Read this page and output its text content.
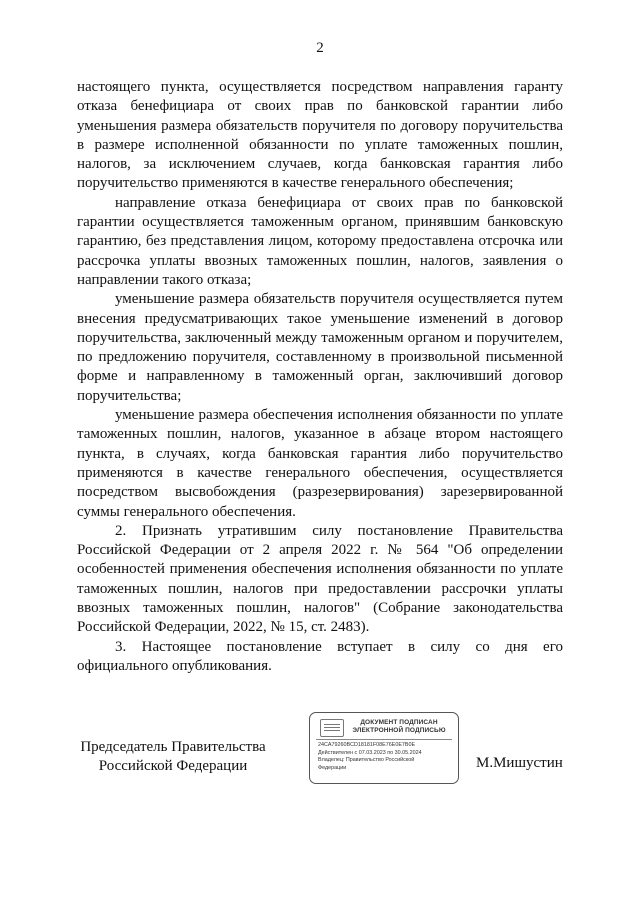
2

настоящего пункта, осуществляется посредством направления гаранту отказа бенефициара от своих прав по банковской гарантии либо уменьшения размера обязательств поручителя по договору поручительства в размере исполненной обязанности по уплате таможенных пошлин, налогов, за исключением случаев, когда банковская гарантия либо поручительство применяются в качестве генерального обеспечения;

направление отказа бенефициара от своих прав по банковской гарантии осуществляется таможенным органом, принявшим банковскую гарантию, без представления лицом, которому предоставлена отсрочка или рассрочка уплаты ввозных таможенных пошлин, налогов, заявления о направлении такого отказа;

уменьшение размера обязательств поручителя осуществляется путем внесения предусматривающих такое уменьшение изменений в договор поручительства, заключенный между таможенным органом и поручителем, по предложению поручителя, составленному в произвольной письменной форме и направленному в таможенный орган, заключивший договор поручительства;

уменьшение размера обеспечения исполнения обязанности по уплате таможенных пошлин, налогов, указанное в абзаце втором настоящего пункта, в случаях, когда банковская гарантия либо поручительство применяются в качестве генерального обеспечения, осуществляется посредством высвобождения (разрезервирования) зарезервированной суммы генерального обеспечения.

2. Признать утратившим силу постановление Правительства Российской Федерации от 2 апреля 2022 г. № 564 "Об определении особенностей применения обеспечения исполнения обязанности по уплате таможенных пошлин, налогов при предоставлении рассрочки уплаты ввозных таможенных пошлин, налогов" (Собрание законодательства Российской Федерации, 2022, № 15, ст. 2483).

3. Настоящее постановление вступает в силу со дня его официального опубликования.

Председатель Правительства
Российской Федерации
ДОКУМЕНТ ПОДПИСАН
ЭЛЕКТРОННОЙ ПОДПИСЬЮ
24CA79260BCD18181F08E76E0E7B0E
Действителен с 07.03.2023 по 30.05.2024
Владелец: Правительство Российской
Федерации	М.Мишустин
